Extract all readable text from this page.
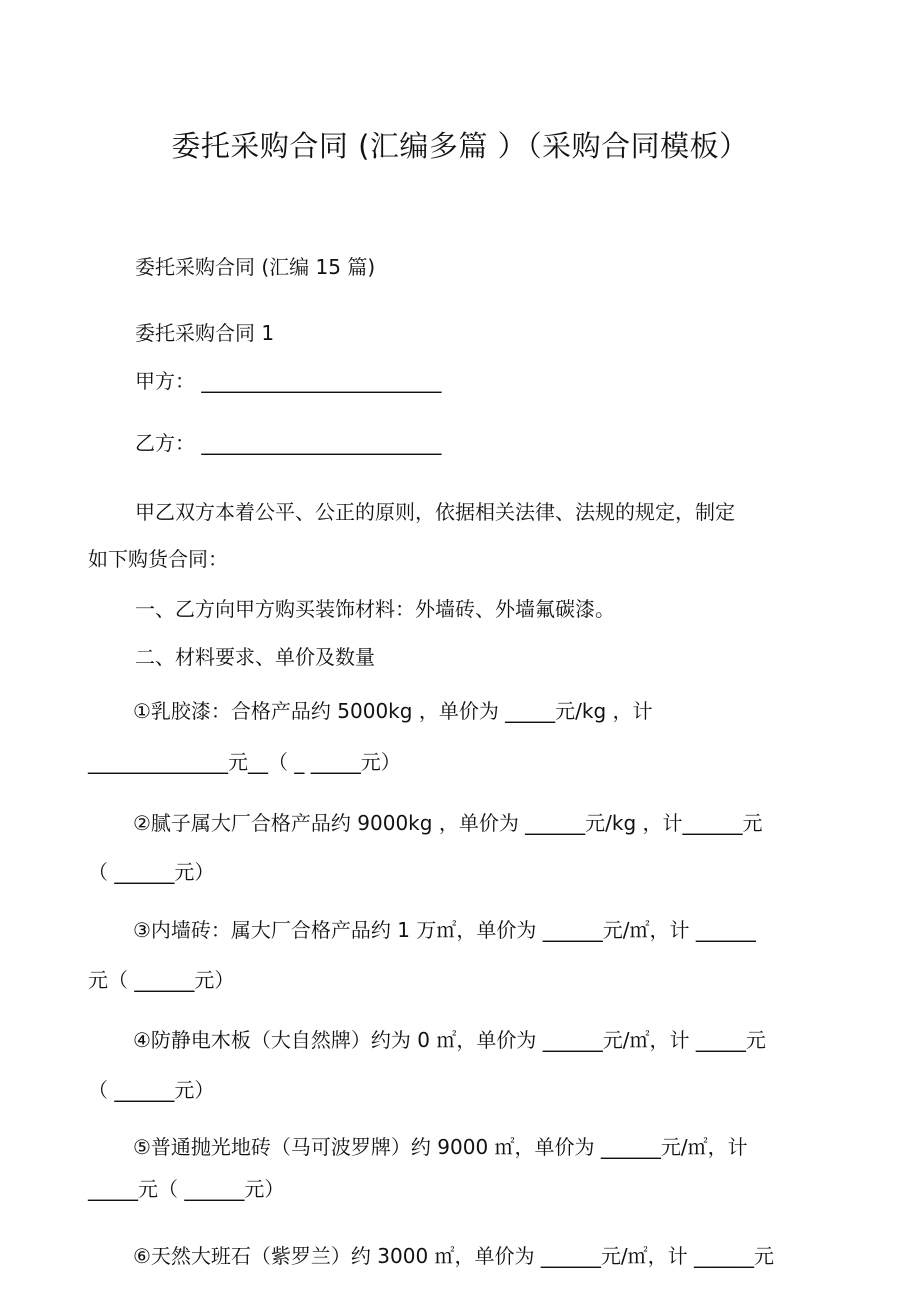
委托采购合同 (汇编多篇 ）（采购合同模板）
委托采购合同 (汇编 15 篇)
委托采购合同 1
甲方： ________________________
乙方： ________________________
甲乙双方本着公平、公正的原则，依据相关法律、法规的规定，制定
如下购货合同：
一、乙方向甲方购买装饰材料：外墙砖、外墙氟碳漆。
二、材料要求、单价及数量
①乳胶漆：合格产品约 5000kg ，单价为 _____元/kg ，计
______________元__（ _ _____元）
②腻子属大厂合格产品约 9000kg ，单价为 ______元/kg ，计______元
（ ______元）
③内墙砖：属大厂合格产品约 1 万㎡，单价为 ______元/㎡，计 ______
元（ ______元）
④防静电木板（大自然牌）约为 0 ㎡，单价为 ______元/㎡，计 _____元
（ ______元）
⑤普通抛光地砖（马可波罗牌）约 9000 ㎡，单价为 ______元/㎡，计
_____元（ ______元）
⑥天然大班石（紫罗兰）约 3000 ㎡，单价为 ______元/㎡，计 ______元
